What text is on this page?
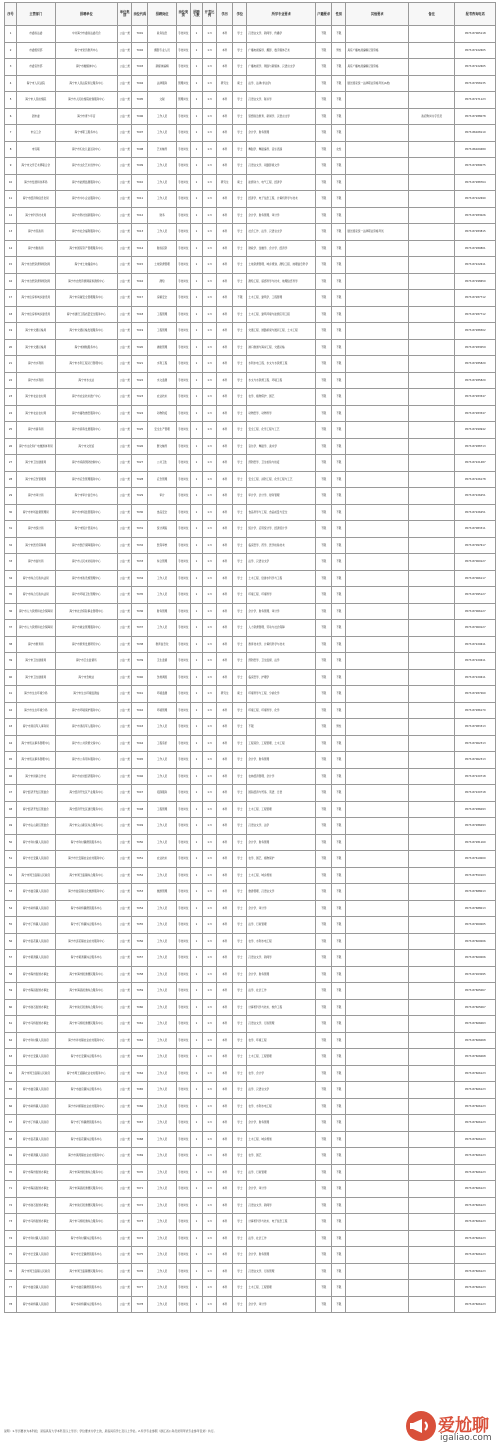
序号	主管部门	招聘单位	单位类别	岗位代码	招聘岗位	岗位类别	招聘人数	开考比例	学历	学位	所学专业要求	户籍要求	性别	其他要求	备注	报考咨询电话
1	市委政法委	中共海宁市委政法委员会	公益一类	7001	政务信息	专技岗位	1	1:3	本科	学士	汉语言文学、新闻学、传播学	不限	不限			0573-87065118
2	市委组织部	海宁市党员教育中心	公益一类	7002	摄影专业人员	专技岗位	1	1:3	本科	学士	广播电视编导、摄影、数字媒体艺术	不限	男性	具有广播电视编辑记者资格		0573-87222605
3	市委宣传部	海宁市融媒体中心	公益二类	7003	新媒体编辑	专技岗位	1	1:3	本科	学士	广播电视学、网络与新媒体、汉语言文学	不限	不限	具有广播电视编辑记者资格		0573-87222605
4	海宁市人民法院	海宁市人民法院诉讼服务中心	公益一类	7004	法律服务	管理岗位	1	1:3	研究生	硕士	法学、法律(非法学)	不限	不限	通过国家统一法律职业资格考试(A类)		0573-87058135
5	海宁市人民检察院	海宁市人民检察院检察服务中心	公益一类	7005	文秘	管理岗位	1	1:3	本科	学士	汉语言文学、秘书学	不限	不限			0573-87271123
6	团市委	海宁市青少年宫	公益一类	7006	工作人员	专技岗位	1	1:3	本科	学士	思想政治教育、新闻学、汉语言文学	不限	不限		政府购岗为宇充员	0573-87288078
7	市总工会	海宁市职工服务中心	公益一类	7007	工作人员	专技岗位	1	1:3	本科	学士	会计学、财务管理	不限	不限			0573-86028110
8	市妇联	海宁市妇女儿童活动中心	公益一类	7008	艺术辅导	专技岗位	1	1:3	本科	学士	舞蹈学、舞蹈编导、音乐表演	不限	女性			0573-86029489
9	海宁市文学艺术界联合会	海宁市文化艺术创作中心	公益一类	7009	工作人员	专技岗位	1	1:3	本科	学士	汉语言文学、戏剧影视文学	不限	不限			0573-87289075
10	海宁市发展和改革局	海宁市能源监测服务中心	公益一类	7010	工作人员	专技岗位	1	1:3	研究生	硕士	能源动力、电气工程、经济学	不限	不限			0573-87288764
11	海宁市经济和信息化局	海宁市中小企业服务中心	公益一类	7011	工作人员	专技岗位	1	1:3	本科	学士	经济学、电子信息工程、计算机科学与技术	不限	不限			0573-87222690
12	海宁市科学技术局	海宁市科技创新服务中心	公益一类	7012	财务	专技岗位	1	1:3	本科	学士	会计学、财务管理、审计学	不限	不限			0573-87283026
13	海宁市民政局	海宁市社会福利服务中心	公益一类	7013	工作人员	专技岗位	1	1:3	本科	学士	社会工作、法学、汉语言文学	不限	不限	通过国家统一法律职业资格考试		0573-87283815
14	海宁市财政局	海宁市国有资产管理服务中心	公益一类	7014	财政投资	专技岗位	1	1:3	本科	学士	财政学、金融学、会计学、经济学	不限	不限			0573-87280801
15	海宁市自然资源和规划局	海宁市土地储备中心	公益一类	7015	土地资源管理	专技岗位	1	1:3	本科	学士	土地资源管理、城乡规划、测绘工程、地理信息科学	不限	不限			0573-87222611
16	海宁市自然资源和规划局	海宁市自然资源调查和测绘中心	公益一类	7016	测绘	专技岗位	1	1:3	本科	学士	测绘工程、遥感科学与技术、地理信息科学	不限	不限			0573-87298650
17	海宁市住房和城乡建设局	海宁市房屋安全管理服务中心	公益一类	7017	房屋安全	专技岗位	1	1:3	本科	不限	土木工程、建筑学、工程管理	不限	不限			0573-87287712
18	海宁市住房和城乡建设局	海宁市建设工程质量安全服务中心	公益一类	7018	工程管理	专技岗位	1	1:3	本科	学士	土木工程、建筑环境与能源应用工程	不限	不限			0573-87287712
19	海宁市交通运输局	海宁市交通运输发展服务中心	公益一类	7019	工程管理	专技岗位	1	1:3	本科	学士	交通工程、道路桥梁与渡河工程、土木工程	不限	不限			0573-87288302
20	海宁市交通运输局	海宁市港航服务中心	公益一类	7020	港航管理	专技岗位	1	1:3	本科	学士	港口航道与海岸工程、交通运输	不限	不限			0573-87283059
21	海宁市水利局	海宁市水利工程运行管理中心	公益一类	7021	水利工程	专技岗位	1	1:3	本科	学士	水利水电工程、水文与水资源工程	不限	不限			0573-87285820
22	海宁市水利局	海宁市水文站	公益一类	7022	水文监测	专技岗位	1	1:3	本科	学士	水文与水资源工程、环境工程	不限	不限			0573-87285820
23	海宁市农业农村局	海宁市农业技术推广中心	公益一类	7023	农业技术	专技岗位	1	1:3	本科	学士	农学、植物保护、园艺	不限	不限			0573-87283547
24	海宁市农业农村局	海宁市畜牧兽医服务中心	公益一类	7024	动物防疫	专技岗位	1	1:3	本科	学士	动物医学、动物科学	不限	不限			0573-87283547
25	海宁市商务局	海宁市商务发展服务中心	公益一类	7025	安全生产管理	专技岗位	1	1:3	本科	学士	安全工程、化学工程与工艺	不限	不限			0573-87299942
26	海宁市文化和广电旅游体育局	海宁市文化馆	公益一类	7026	群文辅导	专技岗位	1	1:3	本科	学士	音乐学、舞蹈学、美术学	不限	不限			0573-87288713
27	海宁市卫生健康局	海宁市疾病预防控制中心	公益一类	7027	公共卫生	专技岗位	1	1:3	本科	学士	预防医学、卫生检验与检疫	不限	不限			0573-87221487
28	海宁市应急管理局	海宁市应急管理服务中心	公益一类	7028	应急管理	专技岗位	1	1:3	本科	学士	安全工程、消防工程、化学工程与工艺	不限	不限			0573-87226178
29	海宁市审计局	海宁市审计信息中心	公益一类	7029	审计	专技岗位	1	1:3	本科	学士	审计学、会计学、财务管理	不限	不限			0573-87226251
30	海宁市市场监督管理局	海宁市市场监管服务中心	公益一类	7030	食品安全	专技岗位	1	1:3	本科	学士	食品科学与工程、食品质量与安全	不限	不限			0573-87226251
31	海宁市统计局	海宁市统计普查中心	公益一类	7031	统计调查	专技岗位	1	1:3	本科	学士	统计学、应用统计学、经济统计学	不限	不限			0573-87083311
32	海宁市医疗保障局	海宁市医疗保障服务中心	公益一类	7032	医保审核	专技岗位	1	1:3	本科	学士	临床医学、药学、医学检验技术	不限	不限			0573-87097617
33	海宁市信访局	海宁市人民来访接待中心	公益一类	7033	综合管理	专技岗位	1	1:3	本科	学士	法学、汉语言文学	不限	不限			0573-87069127
34	海宁市综合行政执法局	海宁市市政设施管理中心	公益一类	7034	工作人员	专技岗位	1	1:3	本科	学士	土木工程、给排水科学与工程	不限	不限			0573-87066117
35	海宁市综合行政执法局	海宁市环境卫生管理中心	公益一类	7035	工作人员	专技岗位	1	1:3	本科	学士	环境工程、环境科学	不限	不限			0573-87095127
36	海宁市人力资源和社会保障局	海宁市社会保险事业管理中心	公益一类	7036	财务管理	专技岗位	1	1:3	本科	学士	会计学、财务管理、审计学	不限	不限			0573-87066127
37	海宁市人力资源和社会保障局	海宁市就业管理服务中心	公益一类	7037	工作人员	专技岗位	1	1:3	本科	学士	人力资源管理、劳动与社会保障	不限	不限			0573-87069127
38	海宁市教育局	海宁市教育发展研究中心	公益一类	7038	教育信息化	专技岗位	1	1:3	本科	学士	教育技术学、计算机科学与技术	不限	不限			0573-87220611
39	海宁市卫生健康局	海宁市卫生监督所	公益一类	7039	卫生监督	专技岗位	1	1:3	本科	学士	预防医学、卫生监督、法学	不限	不限			0573-87220611
40	海宁市卫生健康局	海宁市急救站	公益一类	7040	急救调度	专技岗位	1	1:3	本科	学士	临床医学、护理学	不限	不限			0573-87220611
41	海宁市生态环境分局	海宁市生态环境监测站	公益一类	7041	环境监测	专技岗位	1	1:3	研究生	硕士	环境科学与工程、分析化学	不限	不限			0573-87287260
42	海宁市生态环境分局	海宁市环境保护服务中心	公益一类	7042	环境管理	专技岗位	1	1:3	本科	学士	环境工程、环境科学、化学	不限	不限			0573-87286170
43	海宁市退役军人事务局	海宁市退役军人服务中心	公益一类	7043	工作人员	专技岗位	1	1:3	本科	学士	不限	不限	男性			0573-87083313
44	海宁市机关事务管理中心	海宁市公共资源交易中心	公益一类	7044	工程造价	专技岗位	1	1:3	本科	学士	工程造价、工程管理、土木工程	不限	不限			0573-87062313
45	海宁市机关事务管理中心	海宁市公务用车服务中心	公益一类	7045	工作人员	专技岗位	1	1:3	本科	学士	会计学、财务管理	不限	不限			0573-87062313
46	海宁市供销合作社	海宁市农村经济服务中心	公益一类	7046	工作人员	专技岗位	1	1:3	本科	学士	农林经济管理、会计学	不限	不限			0573-87220718
47	海宁经济开发区管委会	海宁经济开发区产业服务中心	公益一类	7047	招商服务	专技岗位	1	1:3	本科	学士	国际经济与贸易、英语、日语	不限	不限			0573-87220718
48	海宁经济开发区管委会	海宁经济开发区建设服务中心	公益一类	7048	工程管理	专技岗位	1	1:3	本科	学士	土木工程、工程管理	不限	不限			0573-87286093
49	海宁市尖山新区管委会	海宁市尖山新区综合服务中心	公益一类	7049	工作人员	专技岗位	1	1:3	本科	学士	汉语言文学、法学	不限	不限			0573-87286093
50	海宁市许村镇人民政府	海宁市许村镇便民服务中心	公益一类	7050	工作人员	专技岗位	1	1:3	本科	学士	会计学、财务管理	不限	不限			0573-87281160
51	海宁市长安镇人民政府	海宁市长安镇农业农村服务中心	公益一类	7051	农业技术	专技岗位	1	1:3	本科	学士	农学、园艺、植物保护	不限	不限			0573-87619000
52	海宁市周王庙镇人民政府	海宁市周王庙镇综合服务中心	公益一类	7052	工作人员	专技岗位	1	1:3	本科	学士	土木工程、城乡规划	不限	不限			0573-87550103
53	海宁市盐官镇人民政府	海宁市盐官镇文化旅游服务中心	公益一类	7053	旅游管理	专技岗位	1	1:3	本科	学士	旅游管理、汉语言文学	不限	不限			0573-87688013
54	海宁市斜桥镇人民政府	海宁市斜桥镇便民服务中心	公益一类	7054	工作人员	专技岗位	1	1:3	本科	学士	会计学、审计学	不限	不限			0573-87688013
55	海宁市丁桥镇人民政府	海宁市丁桥镇综合服务中心	公益一类	7055	工作人员	专技岗位	1	1:3	本科	学士	法学、行政管理	不限	不限			0573-87900005
56	海宁市袁花镇人民政府	海宁市袁花镇农业农村服务中心	公益一类	7056	工作人员	专技岗位	1	1:3	本科	学士	农学、水利水电工程	不限	不限			0573-87600006
57	海宁市黄湾镇人民政府	海宁市黄湾镇综合服务中心	公益一类	7057	工作人员	专技岗位	1	1:3	本科	学士	汉语言文学、新闻学	不限	不限			0573-87600006
58	海宁市海州街道办事处	海宁市海州街道便民服务中心	公益一类	7058	工作人员	专技岗位	1	1:3	本科	学士	会计学、财务管理	不限	不限			0573-87263095
59	海宁市海昌街道办事处	海宁市海昌街道综合服务中心	公益一类	7059	工作人员	专技岗位	1	1:3	本科	学士	法学、社会工作	不限	不限			0573-87605067
60	海宁市硖石街道办事处	海宁市硖石街道综合服务中心	公益一类	7060	工作人员	专技岗位	1	1:3	本科	学士	计算机科学与技术、软件工程	不限	不限			0573-87605067
61	海宁市马桥街道办事处	海宁市马桥街道便民服务中心	公益一类	7061	工作人员	专技岗位	1	1:3	本科	学士	汉语言文学、行政管理	不限	不限			0573-87606063
62	海宁市许村镇人民政府	海宁市许村镇农业农村服务中心	公益一类	7062	工作人员	专技岗位	1	1:3	本科	学士	农学、环境工程	不限	不限			0573-87606068
63	海宁市长安镇人民政府	海宁市长安镇综合服务中心	公益一类	7063	工作人员	专技岗位	1	1:3	本科	学士	土木工程、工程管理	不限	不限			0573-87606068
64	海宁市周王庙镇人民政府	海宁市周王庙镇农业农村服务中心	公益一类	7064	工作人员	专技岗位	1	1:3	本科	学士	农学、会计学	不限	不限			0573-87606123
65	海宁市盐官镇人民政府	海宁市盐官镇综合服务中心	公益一类	7065	工作人员	专技岗位	1	1:3	本科	学士	法学、汉语言文学	不限	不限			0573-87606123
66	海宁市斜桥镇人民政府	海宁市斜桥镇农业农村服务中心	公益一类	7066	工作人员	专技岗位	1	1:3	本科	学士	农学、水利水电工程	不限	不限			0573-87606123
67	海宁市丁桥镇人民政府	海宁市丁桥镇便民服务中心	公益一类	7067	工作人员	专技岗位	1	1:3	本科	学士	会计学、财务管理	不限	不限			0573-87606123
68	海宁市袁花镇人民政府	海宁市袁花镇综合服务中心	公益一类	7068	工作人员	专技岗位	1	1:3	本科	学士	土木工程、城乡规划	不限	不限			0573-87606123
69	海宁市黄湾镇人民政府	海宁市黄湾镇农业农村服务中心	公益一类	7069	工作人员	专技岗位	1	1:3	本科	学士	农学、园艺	不限	不限			0573-87606123
70	海宁市海州街道办事处	海宁市海州街道综合服务中心	公益一类	7070	工作人员	专技岗位	1	1:3	本科	学士	法学、行政管理	不限	不限			0573-87606123
71	海宁市海昌街道办事处	海宁市海昌街道便民服务中心	公益一类	7071	工作人员	专技岗位	1	1:3	本科	学士	会计学、审计学	不限	不限			0573-87606123
72	海宁市硖石街道办事处	海宁市硖石街道便民服务中心	公益一类	7072	工作人员	专技岗位	1	1:3	本科	学士	汉语言文学、新闻学	不限	不限			0573-87606123
73	海宁市马桥街道办事处	海宁市马桥街道综合服务中心	公益一类	7073	工作人员	专技岗位	1	1:3	本科	学士	计算机科学与技术、电子信息工程	不限	不限			0573-87606123
74	海宁市许村镇人民政府	海宁市许村镇综合服务中心	公益一类	7074	工作人员	专技岗位	1	1:3	本科	学士	法学、社会工作	不限	不限			0573-87606123
75	海宁市长安镇人民政府	海宁市长安镇便民服务中心	公益一类	7075	工作人员	专技岗位	1	1:3	本科	学士	会计学、财务管理	不限	不限			0573-87606123
76	海宁市周王庙镇人民政府	海宁市周王庙镇便民服务中心	公益一类	7076	工作人员	专技岗位	1	1:3	本科	学士	汉语言文学、行政管理	不限	不限			0573-87606123
77	海宁市盐官镇人民政府	海宁市盐官镇便民服务中心	公益一类	7077	工作人员	专技岗位	1	1:3	本科	学士	土木工程、工程管理	不限	不限			0573-87606123
78	海宁市斜桥镇人民政府	海宁市斜桥镇综合服务中心	公益一类	7078	工作人员	专技岗位	1	1:3	本科	学士	会计学、审计学	不限	不限			0573-87606123
说明：1.学历要求为本科的，是指具有大学本科及以上学历；学位要求为学士的，是指具有学士及以上学位。2.所学专业参照《浙江省公务员录用考试专业参考目录》执行。	爱尬聊
igaliao.com
